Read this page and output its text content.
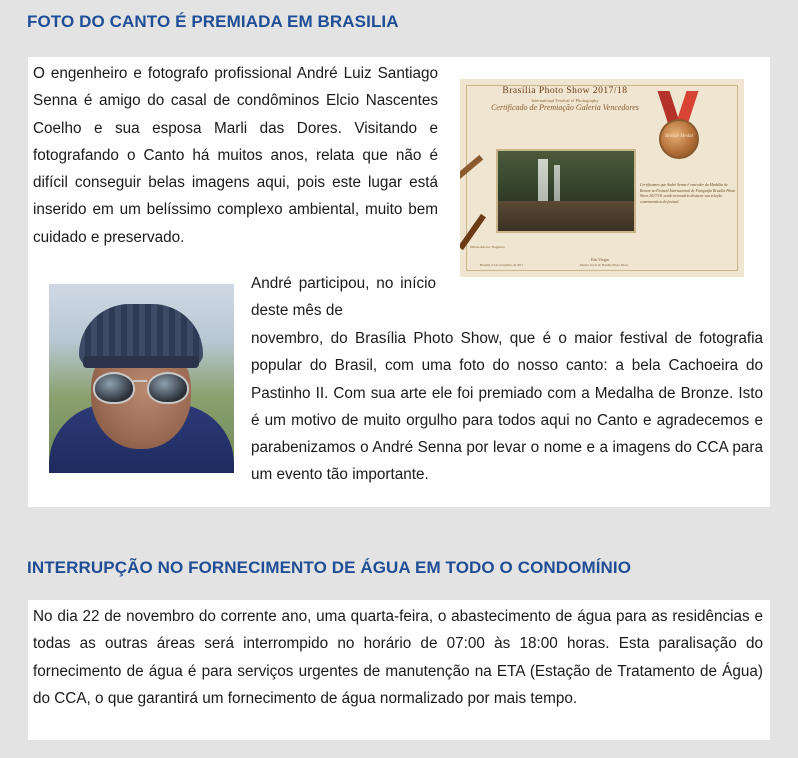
FOTO DO CANTO É PREMIADA EM BRASILIA

O engenheiro e fotografo profissional André Luiz Santiago Senna é amigo do casal de condôminos Elcio Nascentes Coelho e sua esposa Marli das Dores. Visitando e fotografando o Canto há muitos anos, relata que não é difícil conseguir belas imagens aqui, pois este lugar está inserido em um belíssimo complexo ambiental, muito bem cuidado e preservado.

Brasília Photo Show 2017/18
International Festival of Photography
Certificado de Premiação Galeria Vencedores
Bronze Medal
Certificamos que André Senna é vencedor da Medalha de Bronze no Festival Internacional de Fotografia Brasília Photo Show 2017/18, sendo necessário destacar sua seleção comemorativa do festival.
Nilson Adorno Nogueira
Edu Viegas
Brasília, 04 de novembro de 2017	Diretor Geral do Brasília Photo Show

André participou, no início deste mês de

novembro, do Brasília Photo Show, que é o maior festival de fotografia popular do Brasil, com uma foto do nosso canto: a bela Cachoeira do Pastinho II. Com sua arte ele foi premiado com a Medalha de Bronze. Isto é um motivo de muito orgulho para todos aqui no Canto e agradecemos e parabenizamos o André Senna por levar o nome e a imagens do CCA para um evento tão importante.

INTERRUPÇÃO NO FORNECIMENTO DE ÁGUA EM TODO O CONDOMÍNIO

No dia 22 de novembro do corrente ano, uma quarta-feira, o abastecimento de água para as residências e todas as outras áreas será interrompido no horário de 07:00 às 18:00 horas. Esta paralisação do fornecimento de água é para serviços urgentes de manutenção na ETA (Estação de Tratamento de Água) do CCA, o que garantirá um fornecimento de água normalizado por mais tempo.
